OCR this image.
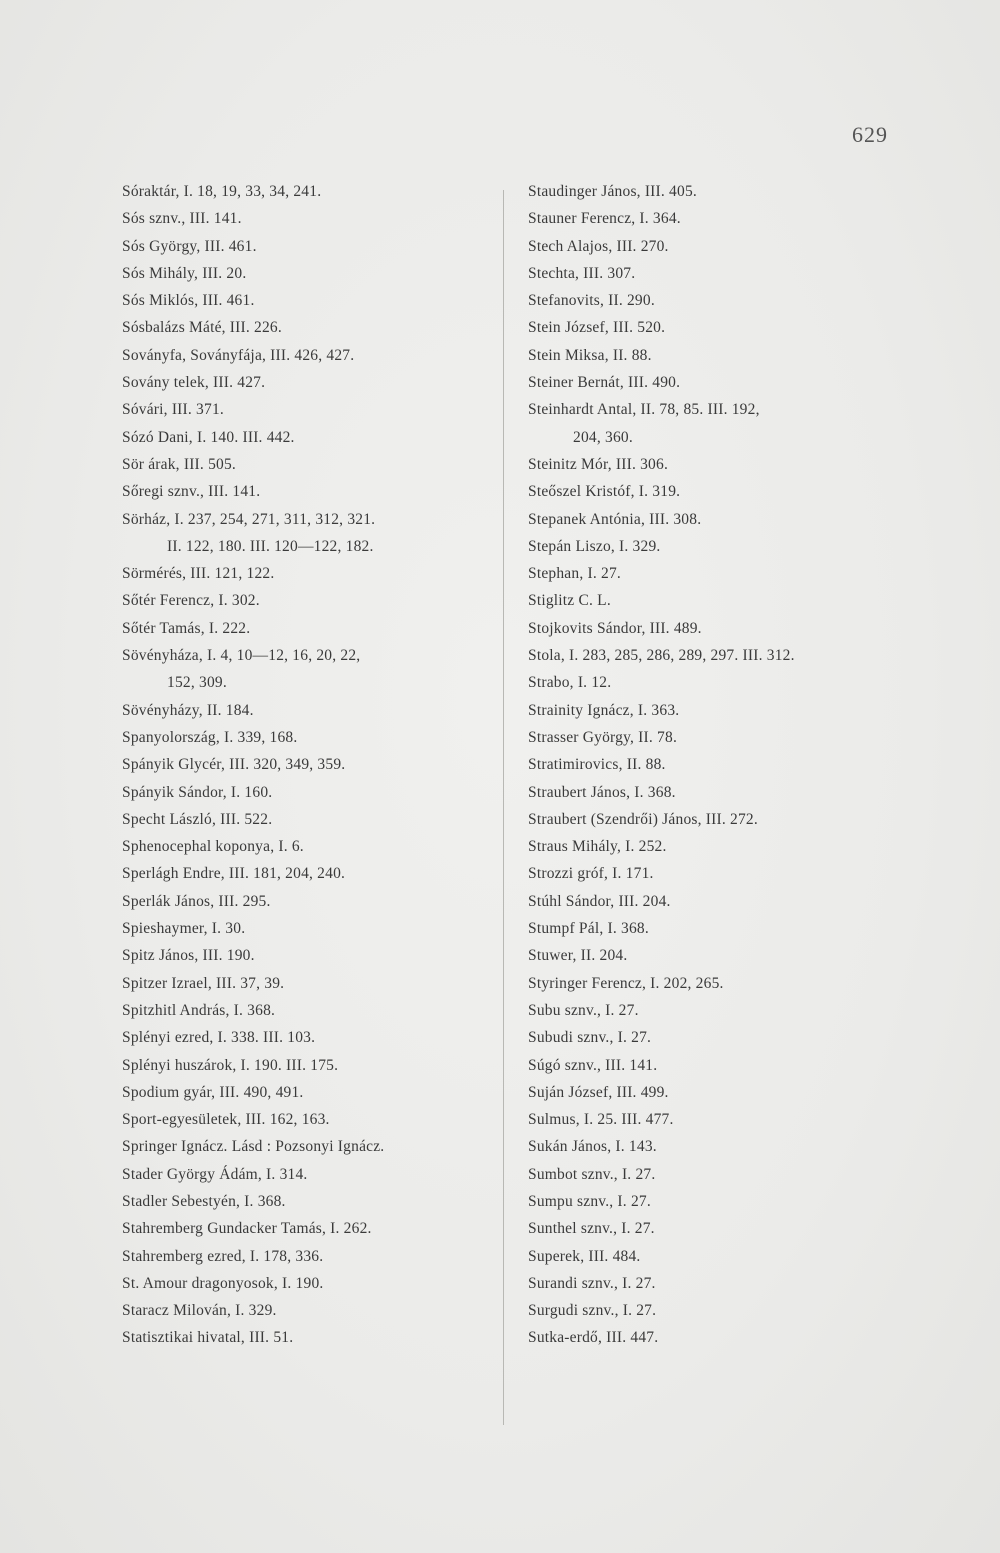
629
Sóraktár, I. 18, 19, 33, 34, 241.
Sós sznv., III. 141.
Sós György, III. 461.
Sós Mihály, III. 20.
Sós Miklós, III. 461.
Sósbalázs Máté, III. 226.
Soványfa, Soványfája, III. 426, 427.
Sovány telek, III. 427.
Sóvári, III. 371.
Sózó Dani, I. 140. III. 442.
Sör árak, III. 505.
Sőregi sznv., III. 141.
Sörház, I. 237, 254, 271, 311, 312, 321.
II. 122, 180. III. 120—122, 182.
Sörmérés, III. 121, 122.
Sőtér Ferencz, I. 302.
Sőtér Tamás, I. 222.
Sövényháza, I. 4, 10—12, 16, 20, 22,
152, 309.
Sövényházy, II. 184.
Spanyolország, I. 339, 168.
Spányik Glycér, III. 320, 349, 359.
Spányik Sándor, I. 160.
Specht László, III. 522.
Sphenocephal koponya, I. 6.
Sperlágh Endre, III. 181, 204, 240.
Sperlák János, III. 295.
Spieshaymer, I. 30.
Spitz János, III. 190.
Spitzer Izrael, III. 37, 39.
Spitzhitl András, I. 368.
Splényi ezred, I. 338. III. 103.
Splényi huszárok, I. 190. III. 175.
Spodium gyár, III. 490, 491.
Sport-egyesületek, III. 162, 163.
Springer Ignácz. Lásd : Pozsonyi Ignácz.
Stader György Ádám, I. 314.
Stadler Sebestyén, I. 368.
Stahremberg Gundacker Tamás, I. 262.
Stahremberg ezred, I. 178, 336.
St. Amour dragonyosok, I. 190.
Staracz Milován, I. 329.
Statisztikai hivatal, III. 51.
Staudinger János, III. 405.
Stauner Ferencz, I. 364.
Stech Alajos, III. 270.
Stechta, III. 307.
Stefanovits, II. 290.
Stein József, III. 520.
Stein Miksa, II. 88.
Steiner Bernát, III. 490.
Steinhardt Antal, II. 78, 85. III. 192,
204, 360.
Steinitz Mór, III. 306.
Steőszel Kristóf, I. 319.
Stepanek Antónia, III. 308.
Stepán Liszo, I. 329.
Stephan, I. 27.
Stiglitz C. L.
Stojkovits Sándor, III. 489.
Stola, I. 283, 285, 286, 289, 297. III. 312.
Strabo, I. 12.
Strainity Ignácz, I. 363.
Strasser György, II. 78.
Stratimirovics, II. 88.
Straubert János, I. 368.
Straubert (Szendrői) János, III. 272.
Straus Mihály, I. 252.
Strozzi gróf, I. 171.
Stúhl Sándor, III. 204.
Stumpf Pál, I. 368.
Stuwer, II. 204.
Styringer Ferencz, I. 202, 265.
Subu sznv., I. 27.
Subudi sznv., I. 27.
Súgó sznv., III. 141.
Suján József, III. 499.
Sulmus, I. 25. III. 477.
Sukán János, I. 143.
Sumbot sznv., I. 27.
Sumpu sznv., I. 27.
Sunthel sznv., I. 27.
Superek, III. 484.
Surandi sznv., I. 27.
Surgudi sznv., I. 27.
Sutka-erdő, III. 447.
